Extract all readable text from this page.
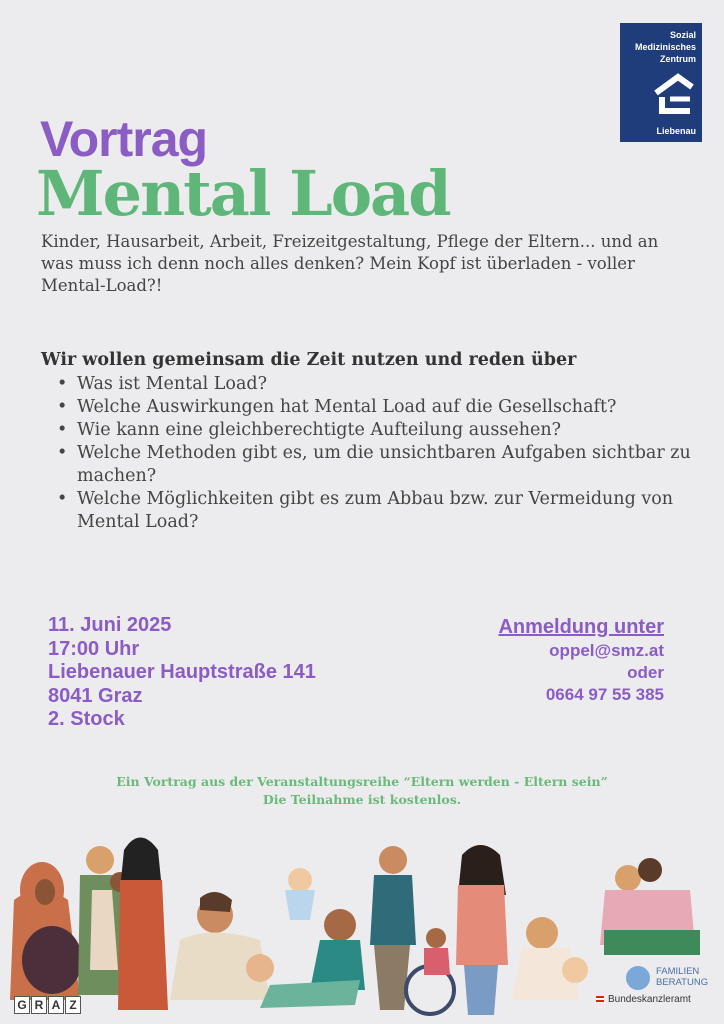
Sozial
Medizinisches
Zentrum
Liebenau
Vortrag
Mental Load
Kinder, Hausarbeit, Arbeit, Freizeitgestaltung, Pflege der Eltern... und an was muss ich denn noch alles denken? Mein Kopf ist überladen - voller Mental-Load?!
Wir wollen gemeinsam die Zeit nutzen und reden über
• Was ist Mental Load?
• Welche Auswirkungen hat Mental Load auf die Gesellschaft?
• Wie kann eine gleichberechtigte Aufteilung aussehen?
• Welche Methoden gibt es, um die unsichtbaren Aufgaben sichtbar zu machen?
• Welche Möglichkeiten gibt es zum Abbau bzw. zur Vermeidung von Mental Load?
11. Juni 2025
17:00 Uhr
Liebenauer Hauptstraße 141
8041 Graz
2. Stock
Anmeldung unter
oppel@smz.at
oder
0664 97 55 385
Ein Vortrag aus der Veranstaltungsreihe “Eltern werden - Eltern sein”
Die Teilnahme ist kostenlos.
G R A Z
FAMILIEN
BERATUNG
Bundeskanzleramt
